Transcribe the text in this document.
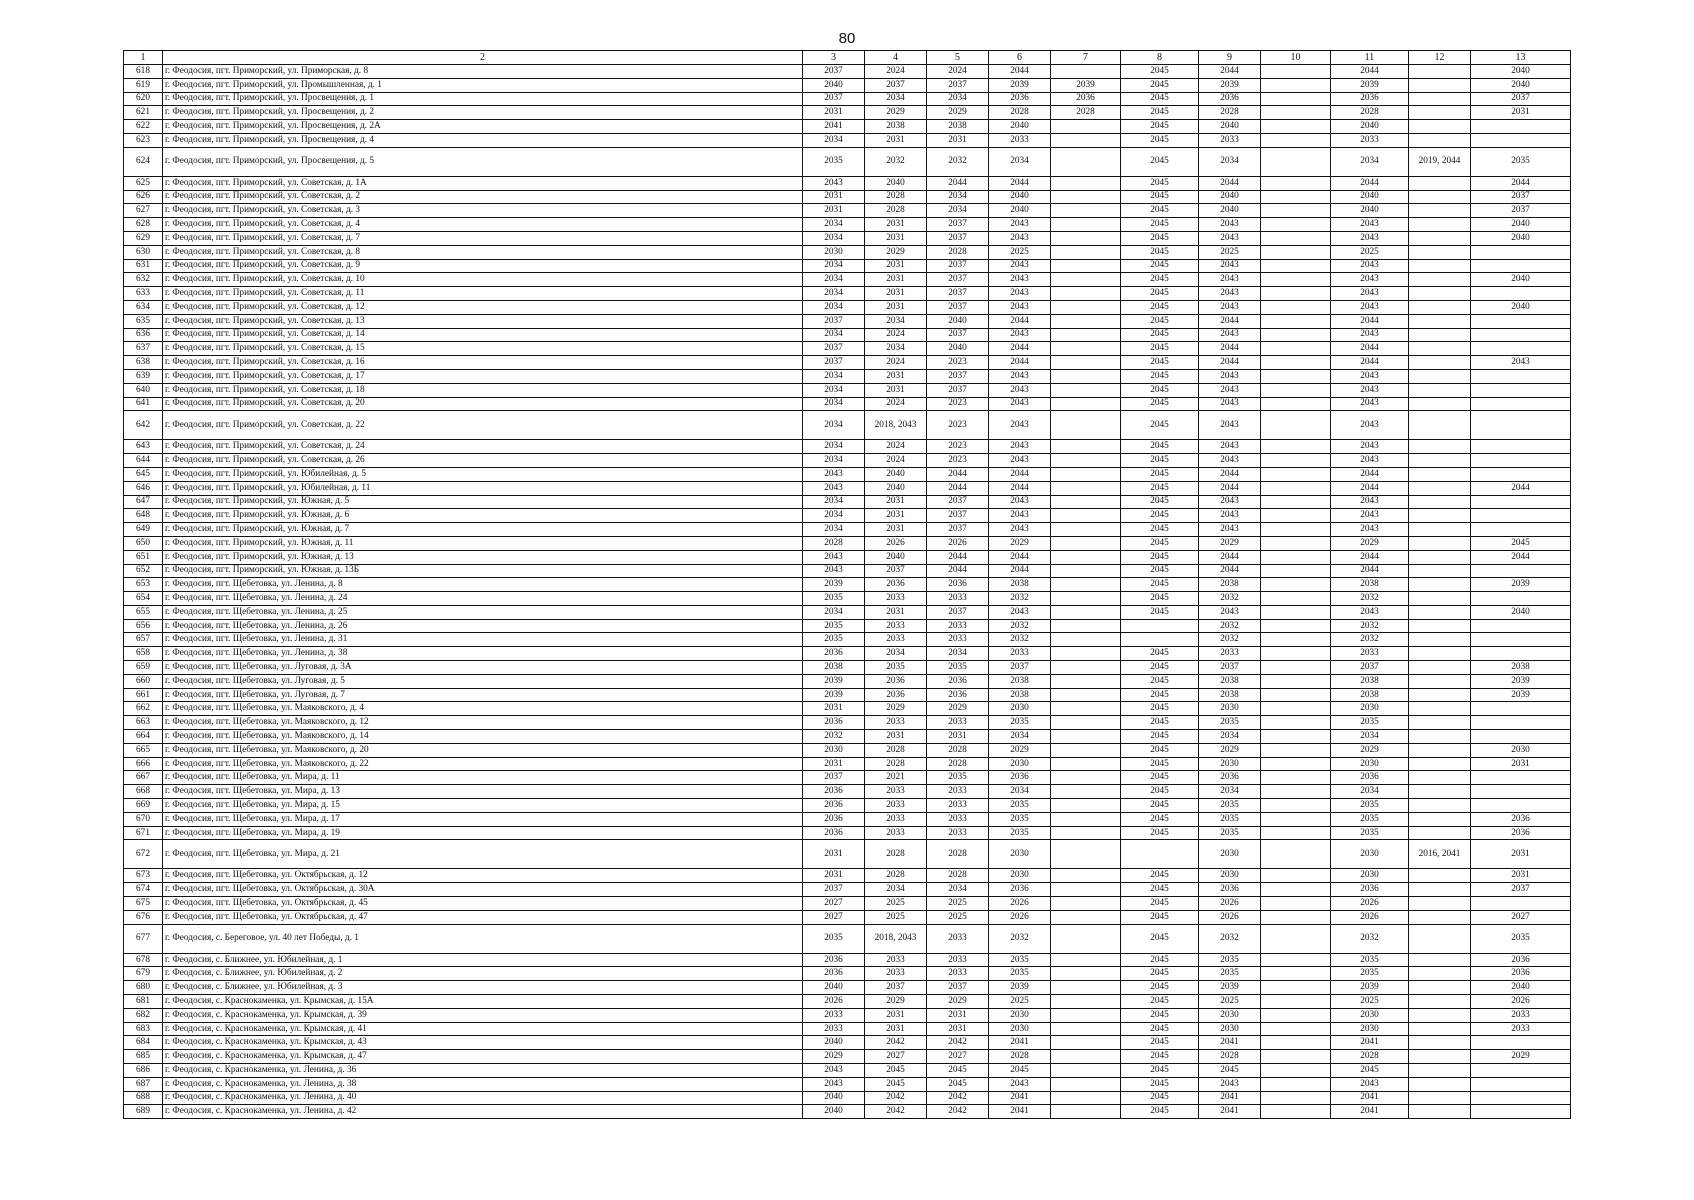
80
1	2	3	4	5	6	7	8	9	10	11	12	13
618	г. Феодосия, пгт. Приморский, ул. Приморская, д. 8	2037	2024	2024	2044		2045	2044		2044		2040
619	г. Феодосия, пгт. Приморский, ул. Промышленная, д. 1	2040	2037	2037	2039	2039	2045	2039		2039		2040
620	г. Феодосия, пгт. Приморский, ул. Просвещения, д. 1	2037	2034	2034	2036	2036	2045	2036		2036		2037
621	г. Феодосия, пгт. Приморский, ул. Просвещения, д. 2	2031	2029	2029	2028	2028	2045	2028		2028		2031
622	г. Феодосия, пгт. Приморский, ул. Просвещения, д. 2А	2041	2038	2038	2040		2045	2040		2040		
623	г. Феодосия, пгт. Приморский, ул. Просвещения, д. 4	2034	2031	2031	2033		2045	2033		2033		
624	г. Феодосия, пгт. Приморский, ул. Просвещения, д. 5	2035	2032	2032	2034		2045	2034		2034	2019, 2044	2035
625	г. Феодосия, пгт. Приморский, ул. Советская, д. 1А	2043	2040	2044	2044		2045	2044		2044		2044
626	г. Феодосия, пгт. Приморский, ул. Советская, д. 2	2031	2028	2034	2040		2045	2040		2040		2037
627	г. Феодосия, пгт. Приморский, ул. Советская, д. 3	2031	2028	2034	2040		2045	2040		2040		2037
628	г. Феодосия, пгт. Приморский, ул. Советская, д. 4	2034	2031	2037	2043		2045	2043		2043		2040
629	г. Феодосия, пгт. Приморский, ул. Советская, д. 7	2034	2031	2037	2043		2045	2043		2043		2040
630	г. Феодосия, пгт. Приморский, ул. Советская, д. 8	2030	2029	2028	2025		2045	2025		2025		
631	г. Феодосия, пгт. Приморский, ул. Советская, д. 9	2034	2031	2037	2043		2045	2043		2043		
632	г. Феодосия, пгт. Приморский, ул. Советская, д. 10	2034	2031	2037	2043		2045	2043		2043		2040
633	г. Феодосия, пгт. Приморский, ул. Советская, д. 11	2034	2031	2037	2043		2045	2043		2043		
634	г. Феодосия, пгт. Приморский, ул. Советская, д. 12	2034	2031	2037	2043		2045	2043		2043		2040
635	г. Феодосия, пгт. Приморский, ул. Советская, д. 13	2037	2034	2040	2044		2045	2044		2044		
636	г. Феодосия, пгт. Приморский, ул. Советская, д. 14	2034	2024	2037	2043		2045	2043		2043		
637	г. Феодосия, пгт. Приморский, ул. Советская, д. 15	2037	2034	2040	2044		2045	2044		2044		
638	г. Феодосия, пгт. Приморский, ул. Советская, д. 16	2037	2024	2023	2044		2045	2044		2044		2043
639	г. Феодосия, пгт. Приморский, ул. Советская, д. 17	2034	2031	2037	2043		2045	2043		2043		
640	г. Феодосия, пгт. Приморский, ул. Советская, д. 18	2034	2031	2037	2043		2045	2043		2043		
641	г. Феодосия, пгт. Приморский, ул. Советская, д. 20	2034	2024	2023	2043		2045	2043		2043		
642	г. Феодосия, пгт. Приморский, ул. Советская, д. 22	2034	2018, 2043	2023	2043		2045	2043		2043		
643	г. Феодосия, пгт. Приморский, ул. Советская, д. 24	2034	2024	2023	2043		2045	2043		2043		
644	г. Феодосия, пгт. Приморский, ул. Советская, д. 26	2034	2024	2023	2043		2045	2043		2043		
645	г. Феодосия, пгт. Приморский, ул. Юбилейная, д. 5	2043	2040	2044	2044		2045	2044		2044		
646	г. Феодосия, пгт. Приморский, ул. Юбилейная, д. 11	2043	2040	2044	2044		2045	2044		2044		2044
647	г. Феодосия, пгт. Приморский, ул. Южная, д. 5	2034	2031	2037	2043		2045	2043		2043		
648	г. Феодосия, пгт. Приморский, ул. Южная, д. 6	2034	2031	2037	2043		2045	2043		2043		
649	г. Феодосия, пгт. Приморский, ул. Южная, д. 7	2034	2031	2037	2043		2045	2043		2043		
650	г. Феодосия, пгт. Приморский, ул. Южная, д. 11	2028	2026	2026	2029		2045	2029		2029		2045
651	г. Феодосия, пгт. Приморский, ул. Южная, д. 13	2043	2040	2044	2044		2045	2044		2044		2044
652	г. Феодосия, пгт. Приморский, ул. Южная, д. 13Б	2043	2037	2044	2044		2045	2044		2044		
653	г. Феодосия, пгт. Щебетовка, ул. Ленина, д. 8	2039	2036	2036	2038		2045	2038		2038		2039
654	г. Феодосия, пгт. Щебетовка, ул. Ленина, д. 24	2035	2033	2033	2032		2045	2032		2032		
655	г. Феодосия, пгт. Щебетовка, ул. Ленина, д. 25	2034	2031	2037	2043		2045	2043		2043		2040
656	г. Феодосия, пгт. Щебетовка, ул. Ленина, д. 26	2035	2033	2033	2032			2032		2032		
657	г. Феодосия, пгт. Щебетовка, ул. Ленина, д. 31	2035	2033	2033	2032			2032		2032		
658	г. Феодосия, пгт. Щебетовка, ул. Ленина, д. 38	2036	2034	2034	2033		2045	2033		2033		
659	г. Феодосия, пгт. Щебетовка, ул. Луговая, д. 3А	2038	2035	2035	2037		2045	2037		2037		2038
660	г. Феодосия, пгт. Щебетовка, ул. Луговая, д. 5	2039	2036	2036	2038		2045	2038		2038		2039
661	г. Феодосия, пгт. Щебетовка, ул. Луговая, д. 7	2039	2036	2036	2038		2045	2038		2038		2039
662	г. Феодосия, пгт. Щебетовка, ул. Маяковского, д. 4	2031	2029	2029	2030		2045	2030		2030		
663	г. Феодосия, пгт. Щебетовка, ул. Маяковского, д. 12	2036	2033	2033	2035		2045	2035		2035		
664	г. Феодосия, пгт. Щебетовка, ул. Маяковского, д. 14	2032	2031	2031	2034		2045	2034		2034		
665	г. Феодосия, пгт. Щебетовка, ул. Маяковского, д. 20	2030	2028	2028	2029		2045	2029		2029		2030
666	г. Феодосия, пгт. Щебетовка, ул. Маяковского, д. 22	2031	2028	2028	2030		2045	2030		2030		2031
667	г. Феодосия, пгт. Щебетовка, ул. Мира, д. 11	2037	2021	2035	2036		2045	2036		2036		
668	г. Феодосия, пгт. Щебетовка, ул. Мира, д. 13	2036	2033	2033	2034		2045	2034		2034		
669	г. Феодосия, пгт. Щебетовка, ул. Мира, д. 15	2036	2033	2033	2035		2045	2035		2035		
670	г. Феодосия, пгт. Щебетовка, ул. Мира, д. 17	2036	2033	2033	2035		2045	2035		2035		2036
671	г. Феодосия, пгт. Щебетовка, ул. Мира, д. 19	2036	2033	2033	2035		2045	2035		2035		2036
672	г. Феодосия, пгт. Щебетовка, ул. Мира, д. 21	2031	2028	2028	2030			2030		2030	2016, 2041	2031
673	г. Феодосия, пгт. Щебетовка, ул. Октябрьская, д. 12	2031	2028	2028	2030		2045	2030		2030		2031
674	г. Феодосия, пгт. Щебетовка, ул. Октябрьская, д. 30А	2037	2034	2034	2036		2045	2036		2036		2037
675	г. Феодосия, пгт. Щебетовка, ул. Октябрьская, д. 45	2027	2025	2025	2026		2045	2026		2026		
676	г. Феодосия, пгт. Щебетовка, ул. Октябрьская, д. 47	2027	2025	2025	2026		2045	2026		2026		2027
677	г. Феодосия, с. Береговое, ул. 40 лет Победы, д. 1	2035	2018, 2043	2033	2032		2045	2032		2032		2035
678	г. Феодосия, с. Ближнее, ул. Юбилейная, д. 1	2036	2033	2033	2035		2045	2035		2035		2036
679	г. Феодосия, с. Ближнее, ул. Юбилейная, д. 2	2036	2033	2033	2035		2045	2035		2035		2036
680	г. Феодосия, с. Ближнее, ул. Юбилейная, д. 3	2040	2037	2037	2039		2045	2039		2039		2040
681	г. Феодосия, с. Краснокаменка, ул. Крымская, д. 15А	2026	2029	2029	2025		2045	2025		2025		2026
682	г. Феодосия, с. Краснокаменка, ул. Крымская, д. 39	2033	2031	2031	2030		2045	2030		2030		2033
683	г. Феодосия, с. Краснокаменка, ул. Крымская, д. 41	2033	2031	2031	2030		2045	2030		2030		2033
684	г. Феодосия, с. Краснокаменка, ул. Крымская, д. 43	2040	2042	2042	2041		2045	2041		2041		
685	г. Феодосия, с. Краснокаменка, ул. Крымская, д. 47	2029	2027	2027	2028		2045	2028		2028		2029
686	г. Феодосия, с. Краснокаменка, ул. Ленина, д. 36	2043	2045	2045	2045		2045	2045		2045		
687	г. Феодосия, с. Краснокаменка, ул. Ленина, д. 38	2043	2045	2045	2043		2045	2043		2043		
688	г. Феодосия, с. Краснокаменка, ул. Ленина, д. 40	2040	2042	2042	2041		2045	2041		2041		
689	г. Феодосия, с. Краснокаменка, ул. Ленина, д. 42	2040	2042	2042	2041		2045	2041		2041		
